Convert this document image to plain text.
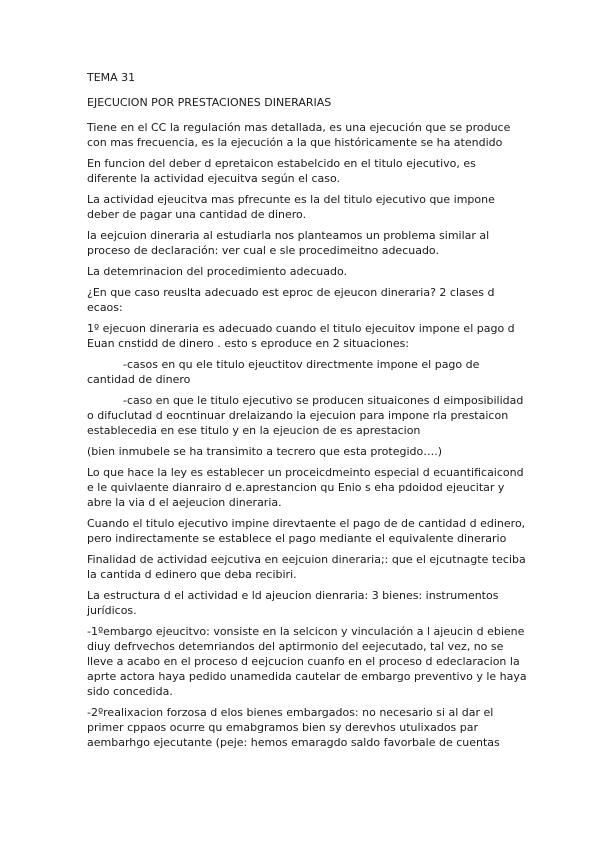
TEMA 31

EJECUCION POR PRESTACIONES DINERARIAS

Tiene en el CC la regulación mas detallada, es una ejecución que se produce con mas frecuencia, es la ejecución a la que históricamente se ha atendido

En funcion del deber d epretaicon estabelcido en el titulo ejecutivo, es diferente la actividad ejecuitva según el caso.

La actividad ejeucitva mas pfrecunte es la del titulo ejecutivo que impone deber de pagar una cantidad de dinero.

la eejcuion dineraria al estudiarla nos planteamos un problema similar al proceso de declaración: ver cual e sle procedimeitno adecuado.

La detemrinacion del procedimiento adecuado.

¿En que caso reuslta adecuado est eproc de ejeucon dineraria? 2 clases d ecaos:

1º ejecuon dineraria es adecuado cuando el titulo ejecuitov impone el pago d Euan cnstidd de dinero . esto s eproduce en 2 situaciones:

-casos en qu ele titulo ejeuctitov directmente impone el pago de cantidad de dinero

-caso en que le titulo ejecutivo se producen situaicones d eimposibilidad o difuclutad d eocntinuar drelaizando la ejecuion para impone rla prestaicon establecedia en ese titulo y en la ejeucion de es aprestacion

(bien inmubele se ha transimito a tecrero que esta protegido….)

Lo que hace la ley es establecer un proceicdmeinto especial d ecuantificaicond e le quivlaente dianrairo d e.aprestancion qu Enio s eha pdoidod ejeucitar y abre la via d el aejeucion dineraria.

Cuando el titulo ejecutivo impine direvtaente el pago de de cantidad d edinero, pero indirectamente se establece el pago mediante el equivalente dinerario

Finalidad de actividad eejcutiva en eejcuion dineraria;: que el ejcutnagte teciba la cantida d edinero que deba recibiri.

La estructura d el actividad e ld ajeucion dienraria: 3 bienes: instrumentos jurídicos.

-1ºembargo ejeucitvo: vonsiste en la selcicon y vinculación a l ajeucin d ebiene diuy defrvechos detemriandos del aptirmonio del eejecutado, tal vez, no se lleve a acabo en el proceso d eejcucion cuanfo en el proceso d edeclaracion la aprte actora haya pedido unamedida cautelar de embargo preventivo y le haya sido concedida.

-2ºrealixacion forzosa d elos bienes embargados: no necesario si al dar el primer cppaos ocurre qu emabgramos bien sy derevhos utulixados par aembarhgo ejecutante (peje: hemos emaragdo saldo favorbale de cuentas
